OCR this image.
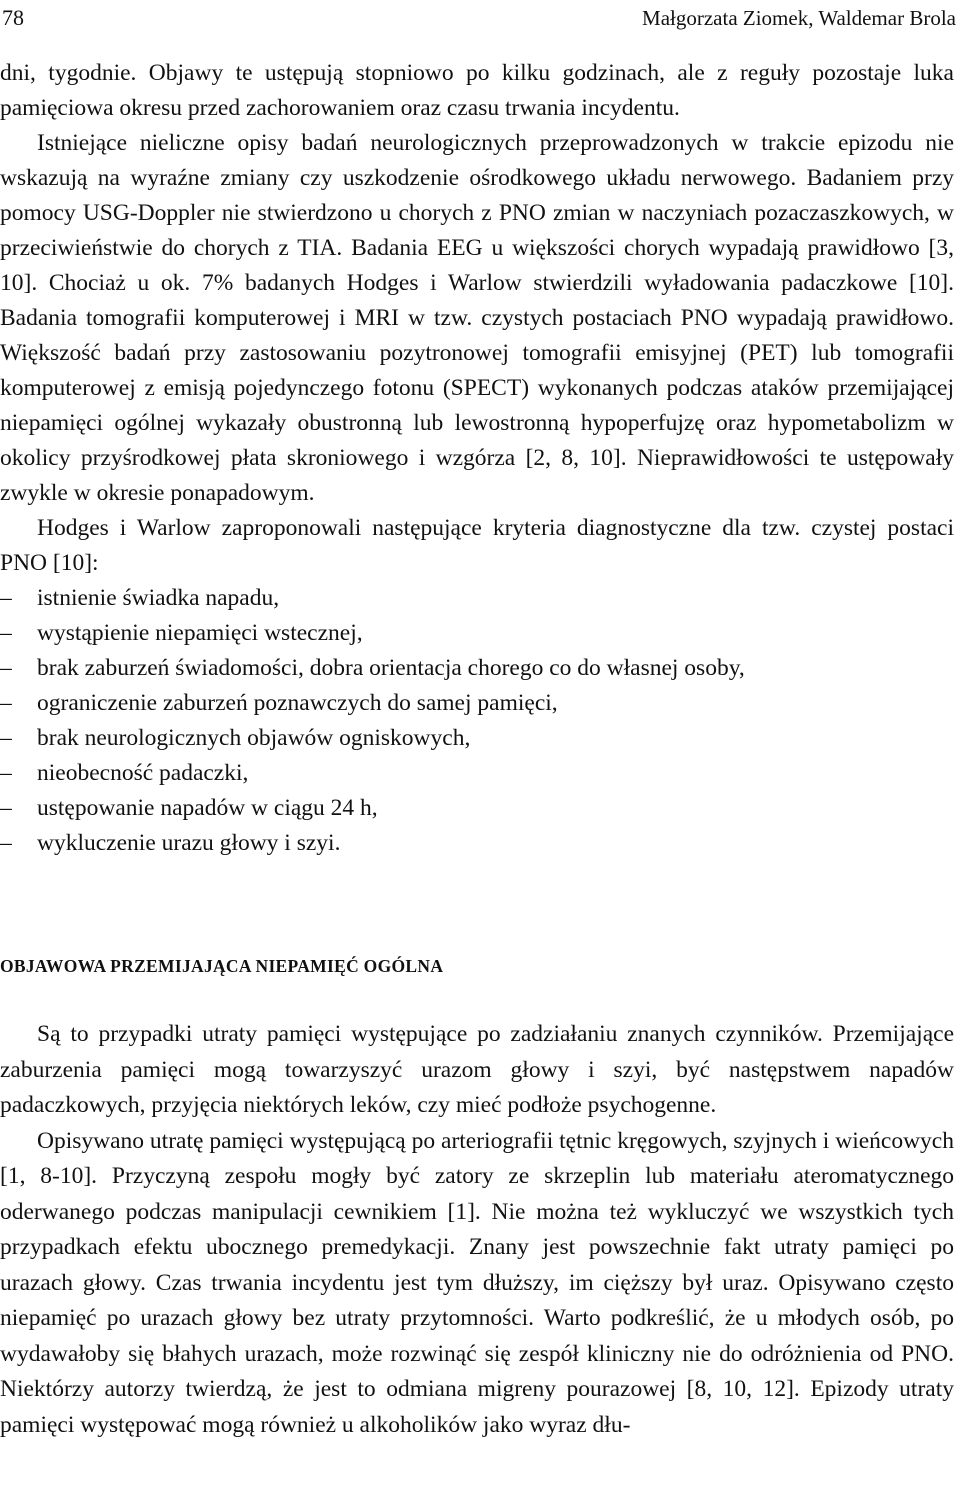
78	Małgorzata Ziomek, Waldemar Brola

dni, tygodnie. Objawy te ustępują stopniowo po kilku godzinach, ale z reguły pozostaje luka pamięciowa okresu przed zachorowaniem oraz czasu trwania incydentu.

Istniejące nieliczne opisy badań neurologicznych przeprowadzonych w trakcie epizodu nie wskazują na wyraźne zmiany czy uszkodzenie ośrodkowego układu nerwowego. Badaniem przy pomocy USG-Doppler nie stwierdzono u chorych z PNO zmian w naczyniach pozaczaszkowych, w przeciwieństwie do chorych z TIA. Badania EEG u większości chorych wypadają prawidłowo [3, 10]. Chociaż u ok. 7% badanych Hodges i Warlow stwierdzili wyładowania padaczkowe [10]. Badania tomografii komputerowej i MRI w tzw. czystych postaciach PNO wypadają prawidłowo. Większość badań przy zastosowaniu pozytronowej tomografii emisyjnej (PET) lub tomografii komputerowej z emisją pojedynczego fotonu (SPECT) wykonanych podczas ataków przemijającej niepamięci ogólnej wykazały obustronną lub lewostronną hypoperfujzę oraz hypometabolizm w okolicy przyśrodkowej płata skroniowego i wzgórza [2, 8, 10]. Nieprawidłowości te ustępowały zwykle w okresie ponapadowym.

Hodges i Warlow zaproponowali następujące kryteria diagnostyczne dla tzw. czystej postaci PNO [10]:

– istnienie świadka napadu,
– wystąpienie niepamięci wstecznej,
– brak zaburzeń świadomości, dobra orientacja chorego co do własnej osoby,
– ograniczenie zaburzeń poznawczych do samej pamięci,
– brak neurologicznych objawów ogniskowych,
– nieobecność padaczki,
– ustępowanie napadów w ciągu 24 h,
– wykluczenie urazu głowy i szyi.
OBJAWOWA PRZEMIJAJĄCA NIEPAMIĘĆ OGÓLNA

Są to przypadki utraty pamięci występujące po zadziałaniu znanych czynników. Przemijające zaburzenia pamięci mogą towarzyszyć urazom głowy i szyi, być następstwem napadów padaczkowych, przyjęcia niektórych leków, czy mieć podłoże psychogenne.

Opisywano utratę pamięci występującą po arteriografii tętnic kręgowych, szyjnych i wieńcowych [1, 8-10]. Przyczyną zespołu mogły być zatory ze skrzeplin lub materiału ateromatycznego oderwanego podczas manipulacji cewnikiem [1]. Nie można też wykluczyć we wszystkich tych przypadkach efektu ubocznego premedykacji. Znany jest powszechnie fakt utraty pamięci po urazach głowy. Czas trwania incydentu jest tym dłuższy, im cięższy był uraz. Opisywano często niepamięć po urazach głowy bez utraty przytomności. Warto podkreślić, że u młodych osób, po wydawałoby się błahych urazach, może rozwinąć się zespół kliniczny nie do odróżnienia od PNO. Niektórzy autorzy twierdzą, że jest to odmiana migreny pourazowej [8, 10, 12]. Epizody utraty pamięci występować mogą również u alkoholików jako wyraz dłu-
